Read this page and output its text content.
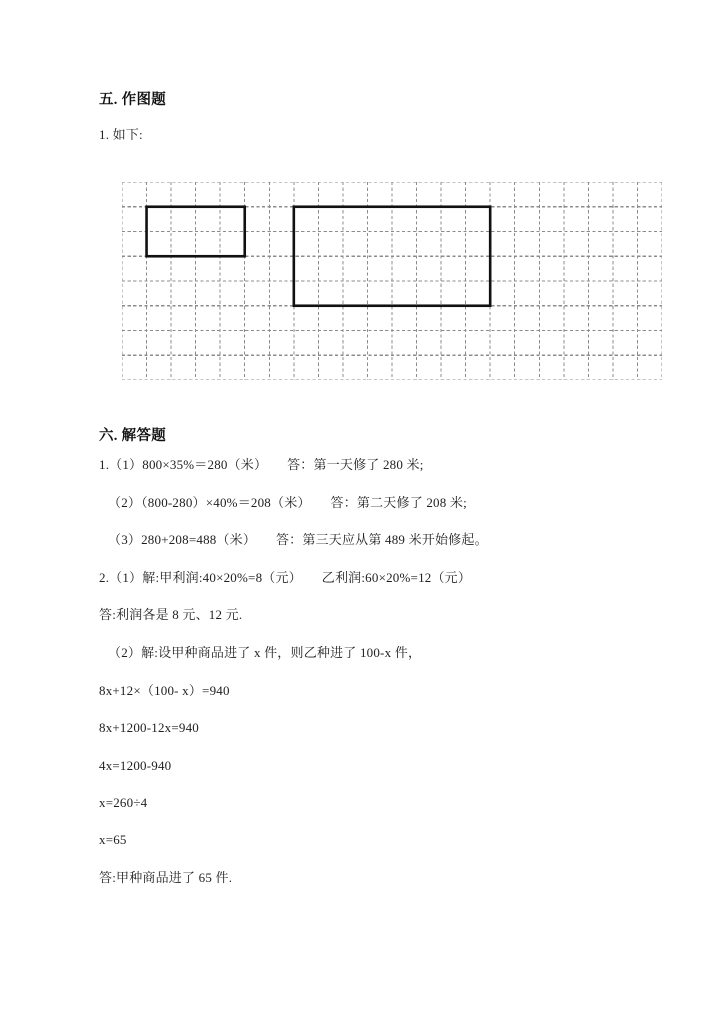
五. 作图题
1. 如下:
六. 解答题
1.（1）800×35%＝280（米）　　答：第一天修了 280 米;
（2）（800-280）×40%＝208（米）　　答：第二天修了 208 米;
（3）280+208=488（米）　　答：第三天应从第 489 米开始修起。
2.（1）解:甲利润:40×20%=8（元）　　乙利润:60×20%=12（元）
答:利润各是 8 元、12 元.
（2）解:设甲种商品进了 x 件，则乙种进了 100-x 件，
8x+12×（100- x）=940
8x+1200-12x=940
4x=1200-940
x=260÷4
x=65
答:甲种商品进了 65 件.
